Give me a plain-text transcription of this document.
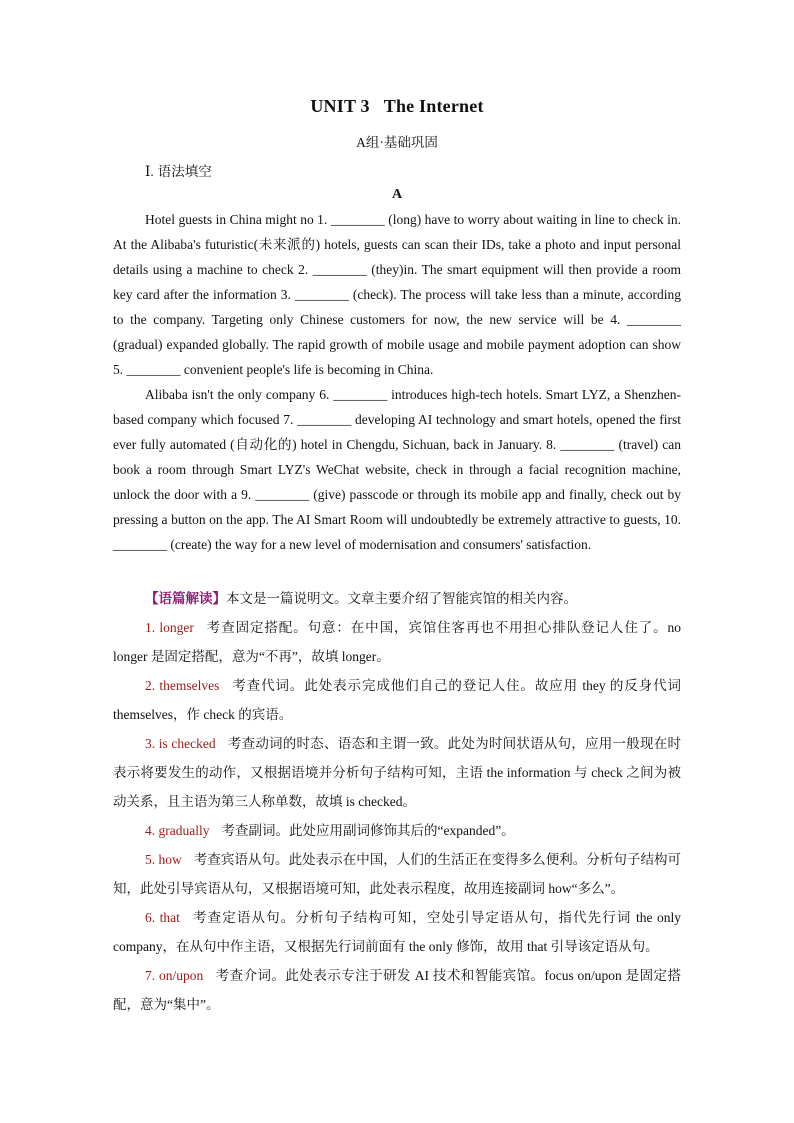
UNIT 3 The Internet
A组·基础巩固
Ⅰ. 语法填空
A

Hotel guests in China might no 1. ________ (long) have to worry about waiting in line to check in. At the Alibaba's futuristic(未来派的) hotels, guests can scan their IDs, take a photo and input personal details using a machine to check 2. ________ (they)in. The smart equipment will then provide a room key card after the information 3. ________ (check). The process will take less than a minute, according to the company. Targeting only Chinese customers for now, the new service will be 4. ________ (gradual) expanded globally. The rapid growth of mobile usage and mobile payment adoption can show 5. ________ convenient people's life is becoming in China.

Alibaba isn't the only company 6. ________ introduces high-tech hotels. Smart LYZ, a Shenzhen-based company which focused 7. ________ developing AI technology and smart hotels, opened the first ever fully automated (自动化的) hotel in Chengdu, Sichuan, back in January. 8. ________ (travel) can book a room through Smart LYZ's WeChat website, check in through a facial recognition machine, unlock the door with a 9. ________ (give) passcode or through its mobile app and finally, check out by pressing a button on the app. The AI Smart Room will undoubtedly be extremely attractive to guests, 10. ________ (create) the way for a new level of modernisation and consumers' satisfaction.

【语篇解读】本文是一篇说明文。文章主要介绍了智能宾馆的相关内容。

1. longer 考查固定搭配。句意：在中国，宾馆住客再也不用担心排队登记人住了。no longer 是固定搭配，意为“不再”，故填 longer。

2. themselves 考查代词。此处表示完成他们自己的登记人住。故应用 they 的反身代词 themselves，作 check 的宾语。

3. is checked 考查动词的时态、语态和主谓一致。此处为时间状语从句，应用一般现在时表示将要发生的动作，又根据语境并分析句子结构可知，主语 the information 与 check 之间为被动关系，且主语为第三人称单数，故填 is checked。

4. gradually 考查副词。此处应用副词修饰其后的“expanded”。

5. how 考查宾语从句。此处表示在中国，人们的生活正在变得多么便利。分析句子结构可知，此处引导宾语从句，又根据语境可知，此处表示程度，故用连接副词 how“多么”。

6. that 考查定语从句。分析句子结构可知，空处引导定语从句，指代先行词 the only company，在从句中作主语，又根据先行词前面有 the only 修饰，故用 that 引导该定语从句。

7. on/upon 考查介词。此处表示专注于研发 AI 技术和智能宾馆。focus on/upon 是固定搭配，意为“集中”。
